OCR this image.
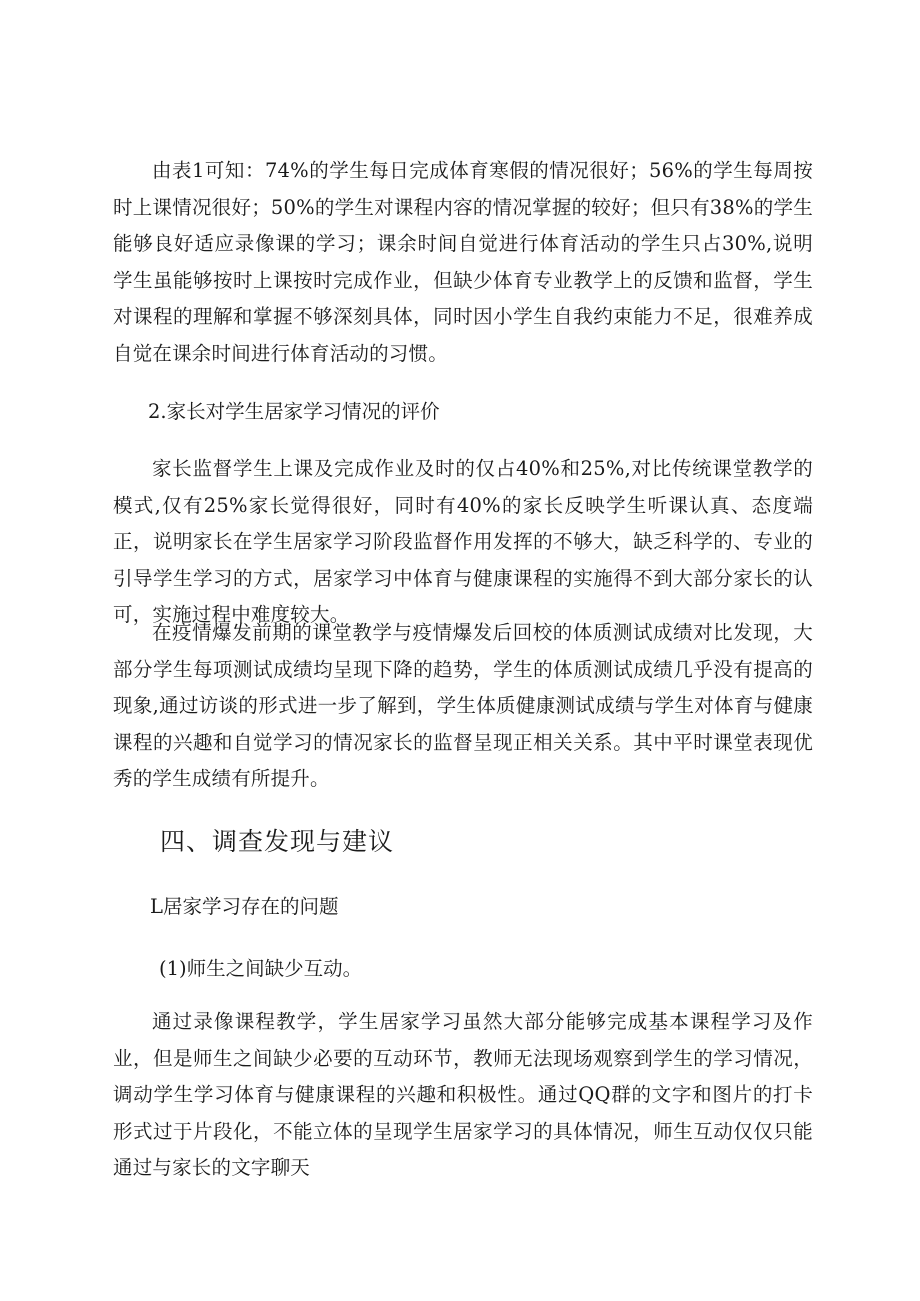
由表1可知：74%的学生每日完成体育寒假的情况很好；56%的学生每周按时上课情况很好；50%的学生对课程内容的情况掌握的较好；但只有38%的学生能够良好适应录像课的学习；课余时间自觉进行体育活动的学生只占30%,说明学生虽能够按时上课按时完成作业，但缺少体育专业教学上的反馈和监督，学生对课程的理解和掌握不够深刻具体，同时因小学生自我约束能力不足，很难养成自觉在课余时间进行体育活动的习惯。

2.家长对学生居家学习情况的评价

家长监督学生上课及完成作业及时的仅占40%和25%,对比传统课堂教学的模式,仅有25%家长觉得很好，同时有40%的家长反映学生听课认真、态度端正，说明家长在学生居家学习阶段监督作用发挥的不够大，缺乏科学的、专业的引导学生学习的方式，居家学习中体育与健康课程的实施得不到大部分家长的认可，实施过程中难度较大。

在疫情爆发前期的课堂教学与疫情爆发后回校的体质测试成绩对比发现，大部分学生每项测试成绩均呈现下降的趋势，学生的体质测试成绩几乎没有提高的现象,通过访谈的形式进一步了解到，学生体质健康测试成绩与学生对体育与健康课程的兴趣和自觉学习的情况家长的监督呈现正相关关系。其中平时课堂表现优秀的学生成绩有所提升。

四、调查发现与建议

L居家学习存在的问题

(1)师生之间缺少互动。

通过录像课程教学，学生居家学习虽然大部分能够完成基本课程学习及作业，但是师生之间缺少必要的互动环节，教师无法现场观察到学生的学习情况，调动学生学习体育与健康课程的兴趣和积极性。通过QQ群的文字和图片的打卡形式过于片段化，不能立体的呈现学生居家学习的具体情况，师生互动仅仅只能通过与家长的文字聊天
